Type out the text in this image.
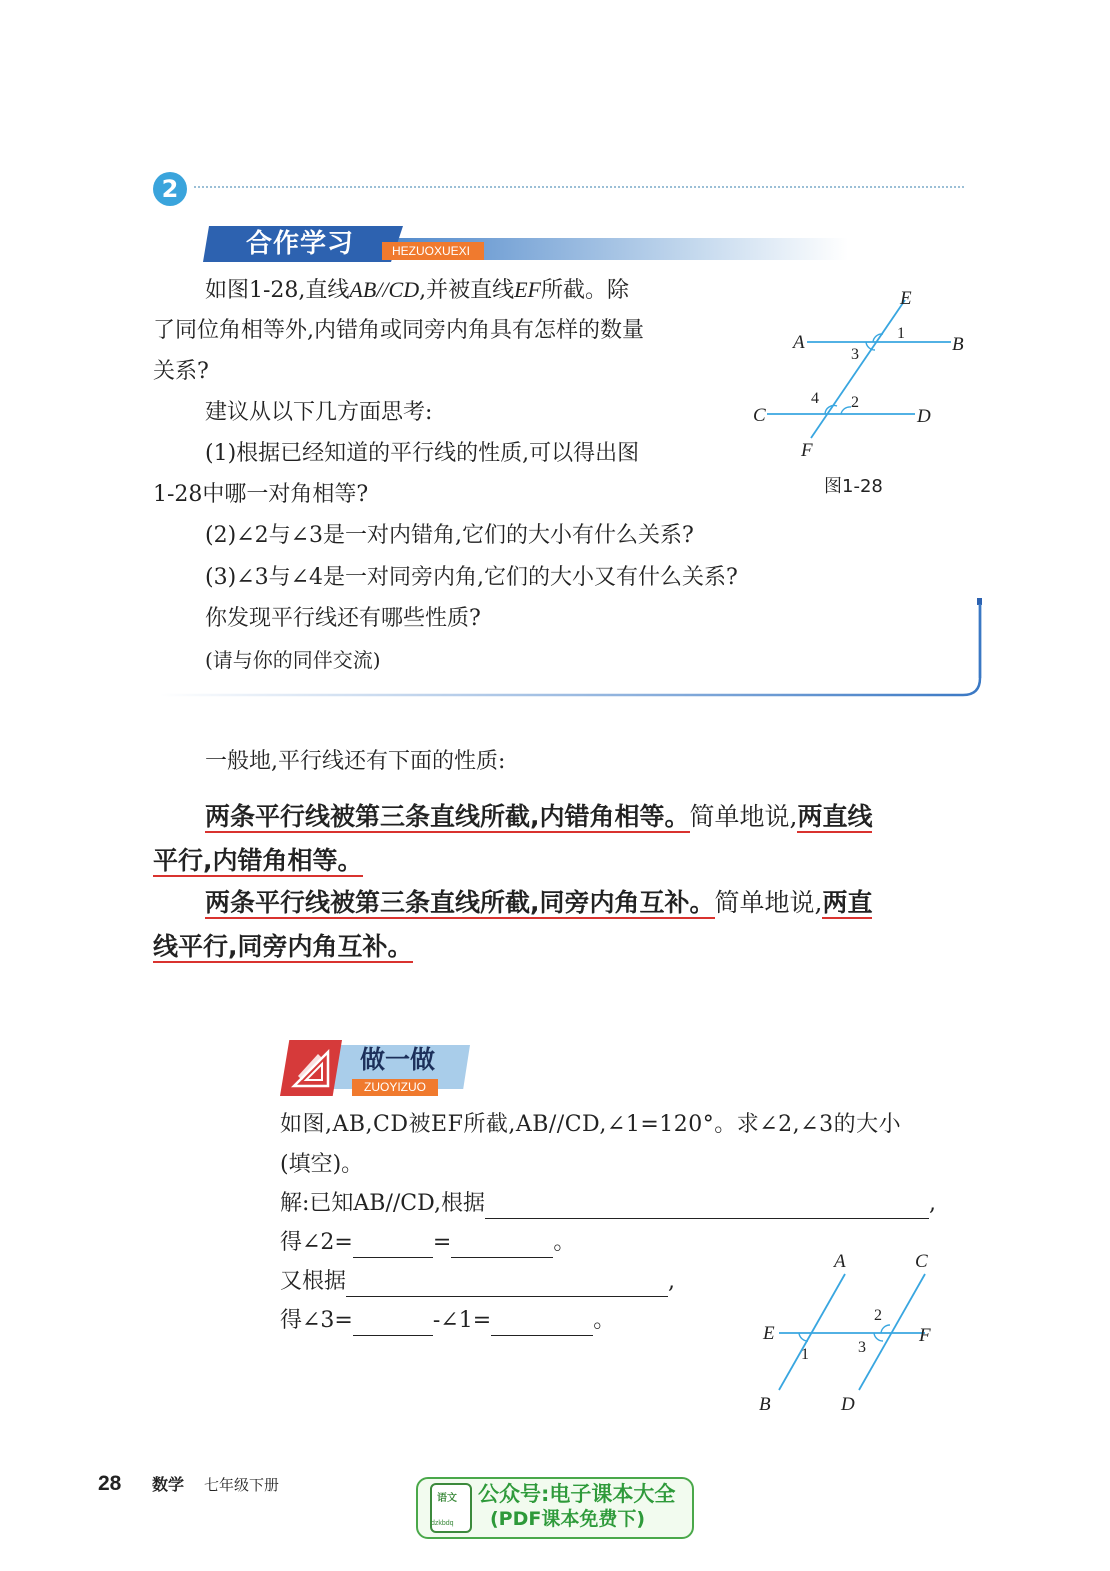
2
合作学习	HEZUOXUEXI
如图1-28,直线AB//CD,并被直线EF所截。除
了同位角相等外,内错角或同旁内角具有怎样的数量
关系?
建议从以下几方面思考:
(1)根据已经知道的平行线的性质,可以得出图
1-28中哪一对角相等?
(2)∠2与∠3是一对内错角,它们的大小有什么关系?
(3)∠3与∠4是一对同旁内角,它们的大小又有什么关系?
你发现平行线还有哪些性质?
(请与你的同伴交流)
E
A	B
C	D
F
1
3
2
4
图1-28
一般地,平行线还有下面的性质:
两条平行线被第三条直线所截,内错角相等。简单地说,两直线
平行,内错角相等。
两条平行线被第三条直线所截,同旁内角互补。简单地说,两直
线平行,同旁内角互补。
做一做
ZUOYIZUO
如图,AB,CD被EF所截,AB//CD,∠1=120°。求∠2,∠3的大小
(填空)。
解:已知AB//CD,根据	,
得∠2=	=	。
又根据	,
得∠3=	-∠1=	。
A	C
E	F
B	D
1
2
3
28 数学 七年级下册
语文
dzkbdq
公众号:电子课本大全
(PDF课本免费下)
